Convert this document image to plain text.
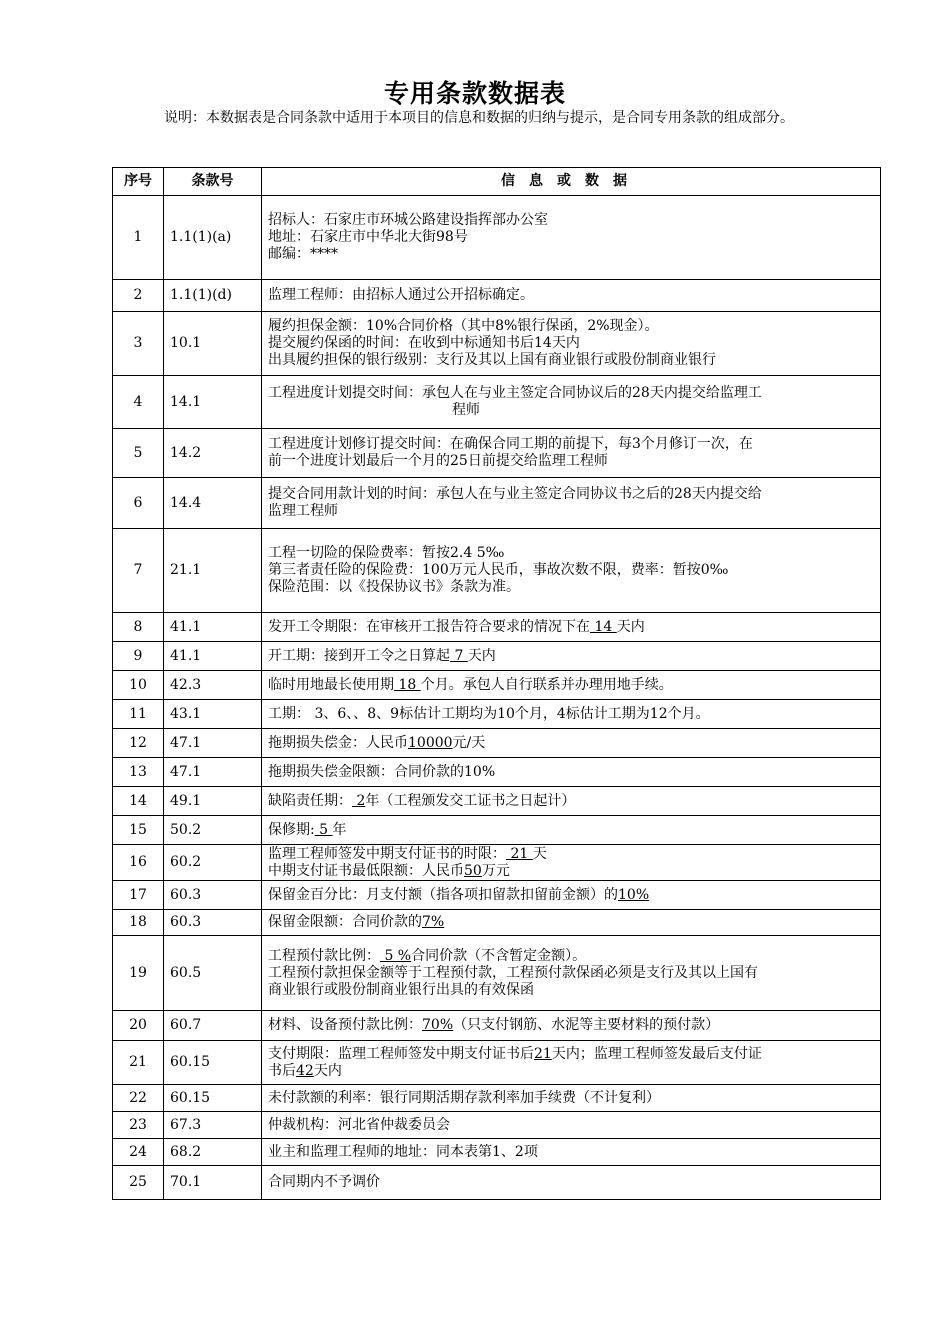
专用条款数据表
说明：本数据表是合同条款中适用于本项目的信息和数据的归纳与提示，是合同专用条款的组成部分。
序号	条款号	信息或数据
1	1.1(1)(a)	招标人：石家庄市环城公路建设指挥部办公室
地址：石家庄市中华北大街98号
邮编：****

2	1.1(1)(d)	监理工程师：由招标人通过公开招标确定。

3	10.1	履约担保金额：10%合同价格（其中8%银行保函，2%现金）。
提交履约保函的时间：在收到中标通知书后14天内
出具履约担保的银行级别：支行及其以上国有商业银行或股份制商业银行

4	14.1	工程进度计划提交时间：承包人在与业主签定合同协议后的28天内提交给监理工
程师

5	14.2	工程进度计划修订提交时间：在确保合同工期的前提下，每3个月修订一次，在
前一个进度计划最后一个月的25日前提交给监理工程师

6	14.4	提交合同用款计划的时间：承包人在与业主签定合同协议书之后的28天内提交给
监理工程师

7	21.1	工程一切险的保险费率：暂按2.4 5‰
第三者责任险的保险费：100万元人民币，事故次数不限，费率：暂按0‰
保险范围：以《投保协议书》条款为准。

8	41.1	发开工令期限：在审核开工报告符合要求的情况下在 14 天内

9	41.1	开工期：接到开工令之日算起 7 天内

10	42.3	临时用地最长使用期 18 个月。承包人自行联系并办理用地手续。

11	43.1	工期： 3、6、、8、9标估计工期均为10个月，4标估计工期为12个月。

12	47.1	拖期损失偿金：人民币10000元/天

13	47.1	拖期损失偿金限额：合同价款的10%

14	49.1	缺陷责任期： 2年（工程颁发交工证书之日起计）

15	50.2	保修期: 5 年

16	60.2	监理工程师签发中期支付证书的时限： 21 天
中期支付证书最低限额：人民币50万元

17	60.3	保留金百分比：月支付额（指各项扣留款扣留前金额）的10%

18	60.3	保留金限额：合同价款的7%

19	60.5	工程预付款比例： 5 %合同价款（不含暂定金额）。
工程预付款担保金额等于工程预付款，工程预付款保函必须是支行及其以上国有
商业银行或股份制商业银行出具的有效保函

20	60.7	材料、设备预付款比例：70%（只支付钢筋、水泥等主要材料的预付款）

21	60.15	支付期限：监理工程师签发中期支付证书后21天内；监理工程师签发最后支付证
书后42天内

22	60.15	未付款额的利率：银行同期活期存款利率加手续费（不计复利）

23	67.3	仲裁机构：河北省仲裁委员会

24	68.2	业主和监理工程师的地址：同本表第1、2项

25	70.1	合同期内不予调价
